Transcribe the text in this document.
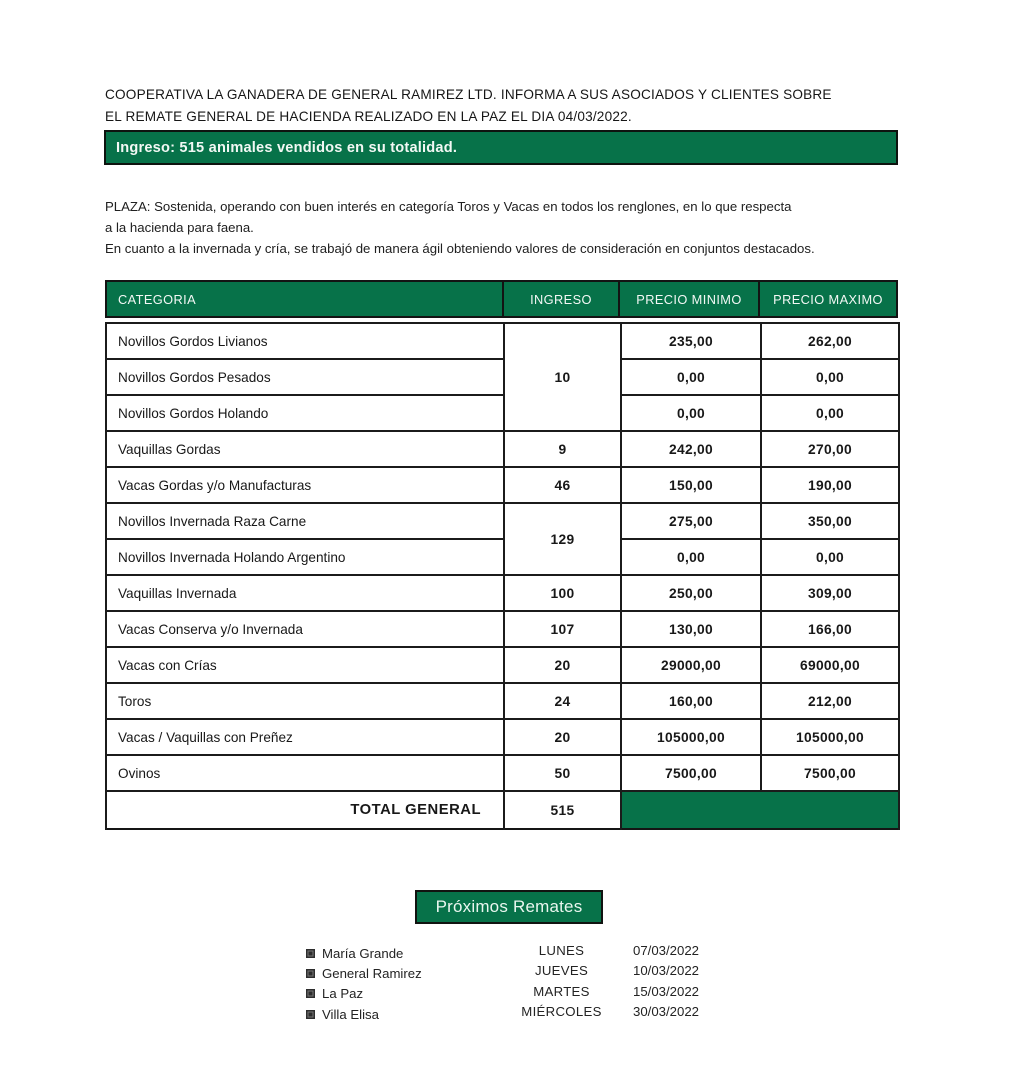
COOPERATIVA LA GANADERA DE GENERAL RAMIREZ LTD. INFORMA A SUS ASOCIADOS Y CLIENTES SOBRE
EL REMATE GENERAL DE HACIENDA REALIZADO EN LA PAZ EL DIA 04/03/2022.
Ingreso: 515 animales vendidos en su totalidad.
PLAZA: Sostenida, operando con buen interés en categoría Toros y Vacas en todos los renglones, en lo que respecta
a la hacienda para faena.
En cuanto a la invernada y cría, se trabajó de manera ágil obteniendo valores de consideración en conjuntos destacados.
CATEGORIA	INGRESO	PRECIO MINIMO	PRECIO MAXIMO
Novillos Gordos Livianos	10	235,00	262,00
Novillos Gordos Pesados		0,00	0,00
Novillos Gordos Holando		0,00	0,00
Vaquillas Gordas	9	242,00	270,00
Vacas Gordas y/o Manufacturas	46	150,00	190,00
Novillos Invernada Raza Carne	129	275,00	350,00
Novillos Invernada Holando Argentino		0,00	0,00
Vaquillas Invernada	100	250,00	309,00
Vacas Conserva y/o Invernada	107	130,00	166,00
Vacas con Crías	20	29000,00	69000,00
Toros	24	160,00	212,00
Vacas / Vaquillas con Preñez	20	105000,00	105000,00
Ovinos	50	7500,00	7500,00
TOTAL GENERAL	515		
Próximos Remates
María Grande	LUNES	07/03/2022
General Ramirez	JUEVES	10/03/2022
La Paz	MARTES	15/03/2022
Villa Elisa	MIÉRCOLES	30/03/2022
